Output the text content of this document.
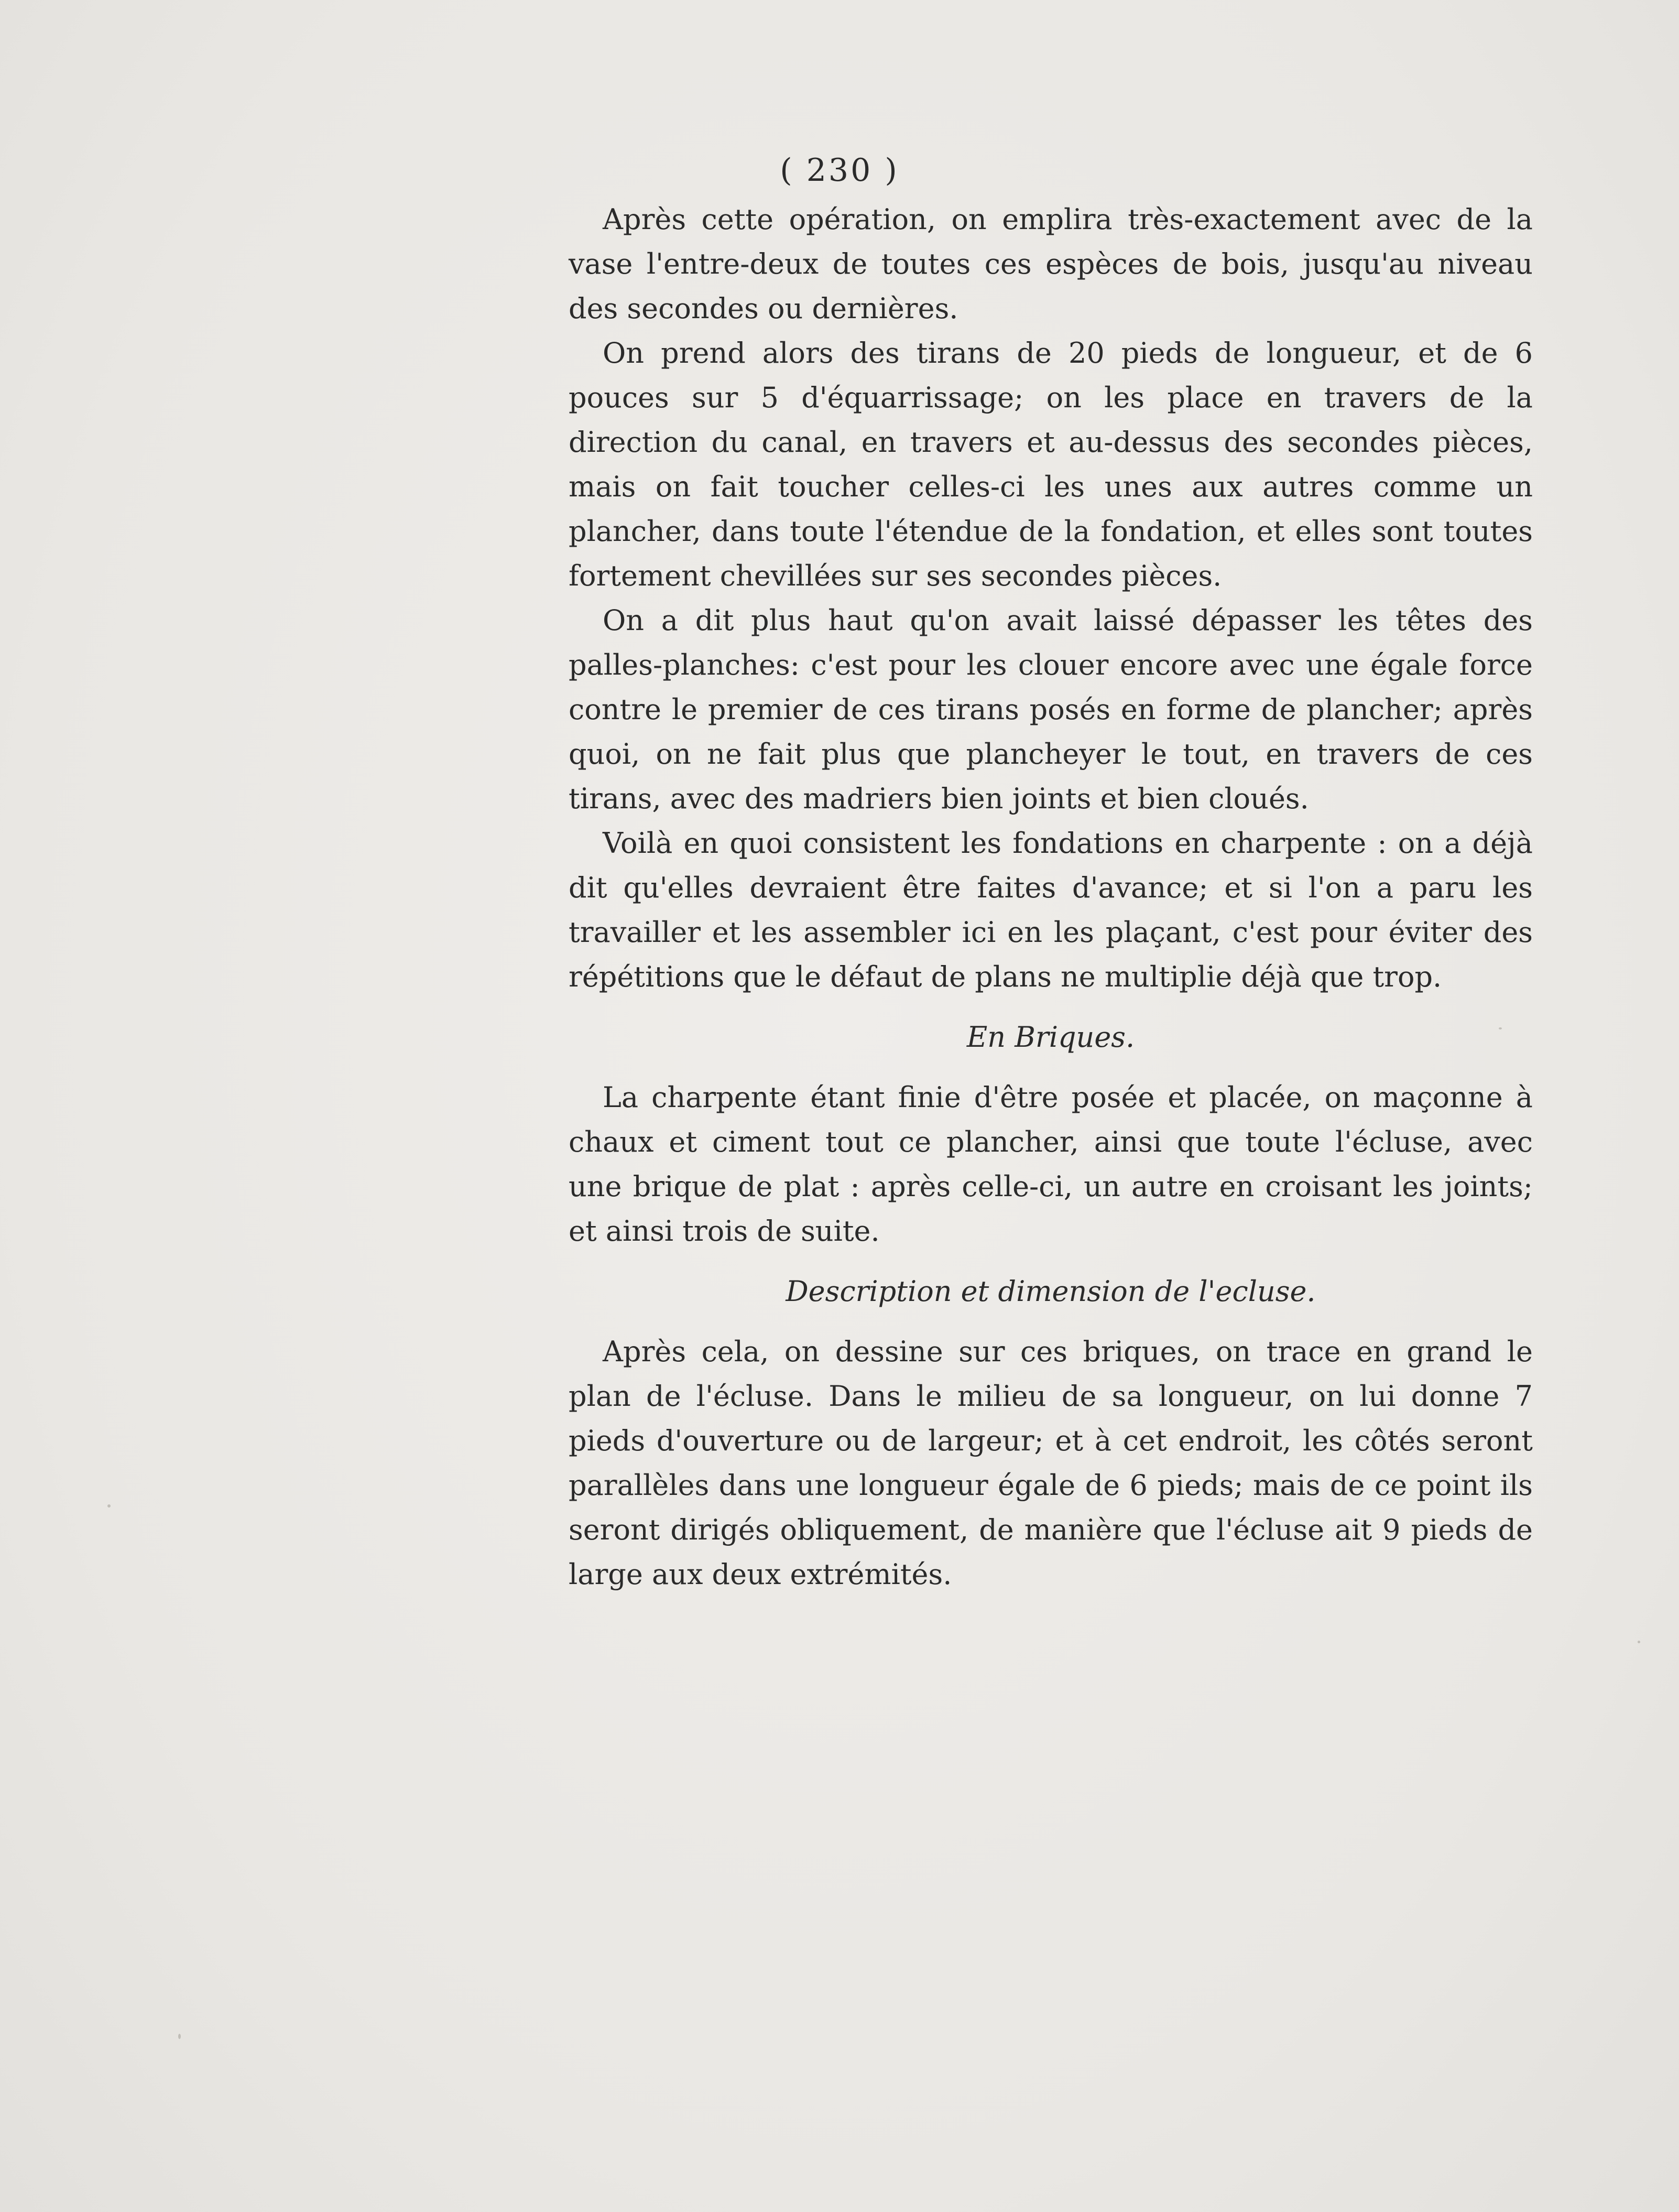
( 230 )

Après cette opération, on emplira très-exactement avec de la vase l'entre-deux de toutes ces espèces de bois, jusqu'au niveau des secondes ou dernières.

On prend alors des tirans de 20 pieds de longueur, et de 6 pouces sur 5 d'équarrissage; on les place en travers de la direction du canal, en travers et au-dessus des secondes pièces, mais on fait toucher celles-ci les unes aux autres comme un plancher, dans toute l'étendue de la fondation, et elles sont toutes fortement chevillées sur ses secondes pièces.

On a dit plus haut qu'on avait laissé dépasser les têtes des palles-planches: c'est pour les clouer encore avec une égale force contre le premier de ces tirans posés en forme de plancher; après quoi, on ne fait plus que plancheyer le tout, en travers de ces tirans, avec des madriers bien joints et bien cloués.

Voilà en quoi consistent les fondations en charpente : on a déjà dit qu'elles devraient être faites d'avance; et si l'on a paru les travailler et les assembler ici en les plaçant, c'est pour éviter des répétitions que le défaut de plans ne multiplie déjà que trop.

En Briques.

La charpente étant finie d'être posée et placée, on maçonne à chaux et ciment tout ce plancher, ainsi que toute l'écluse, avec une brique de plat : après celle-ci, un autre en croisant les joints; et ainsi trois de suite.

Description et dimension de l'ecluse.

Après cela, on dessine sur ces briques, on trace en grand le plan de l'écluse. Dans le milieu de sa longueur, on lui donne 7 pieds d'ouverture ou de largeur; et à cet endroit, les côtés seront parallèles dans une longueur égale de 6 pieds; mais de ce point ils seront dirigés obliquement, de manière que l'écluse ait 9 pieds de large aux deux extrémités.
